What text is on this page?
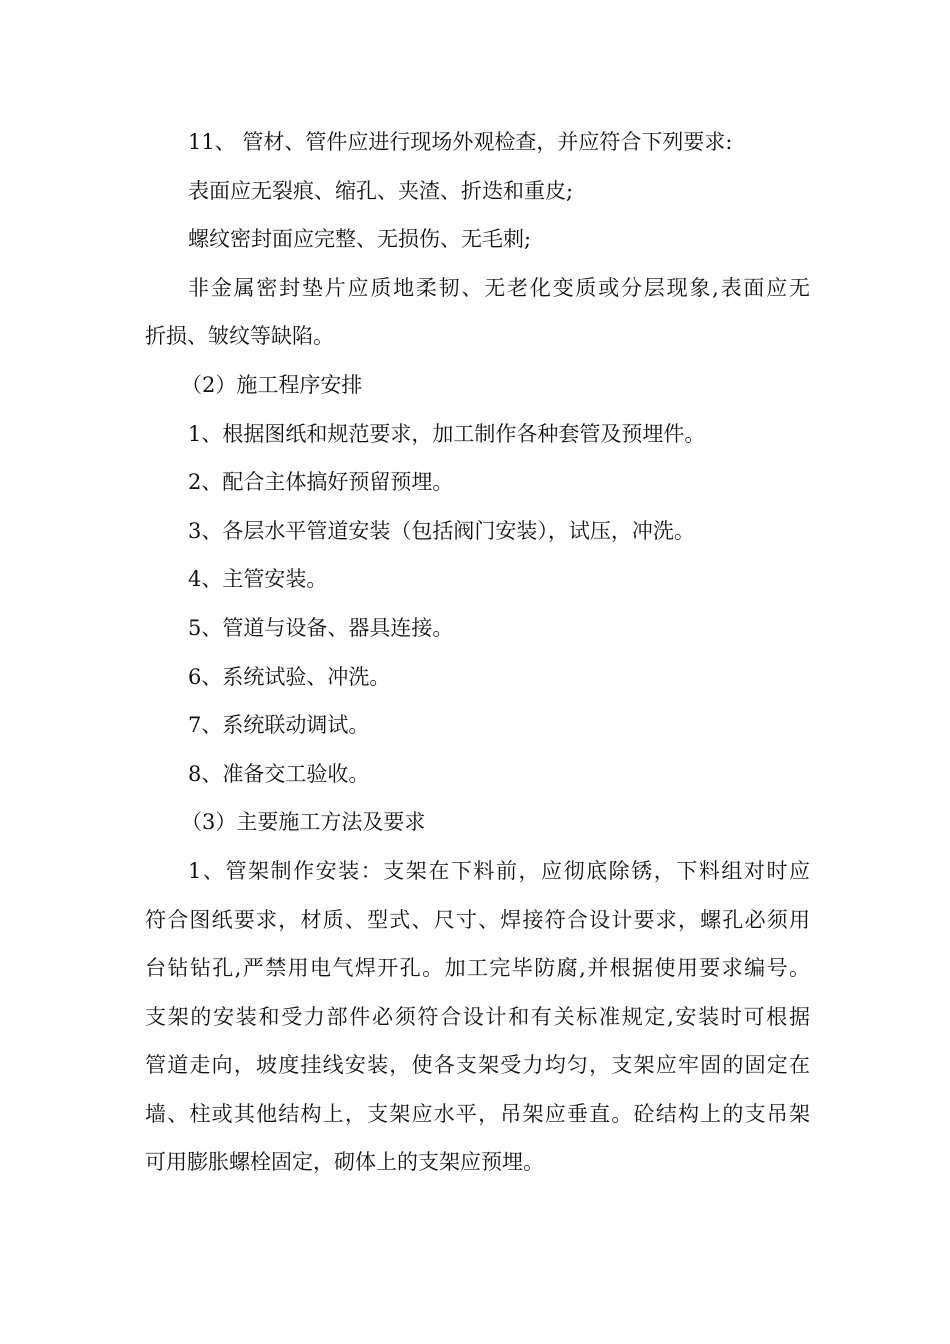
11、 管材、管件应进行现场外观检查，并应符合下列要求:

表面应无裂痕、缩孔、夹渣、折迭和重皮;

螺纹密封面应完整、无损伤、无毛刺;

非金属密封垫片应质地柔韧、无老化变质或分层现象,表面应无

折损、皱纹等缺陷。

（2）施工程序安排

1、根据图纸和规范要求，加工制作各种套管及预埋件。

2、配合主体搞好预留预埋。

3、各层水平管道安装（包括阀门安装），试压，冲洗。

4、主管安装。

5、管道与设备、器具连接。

6、系统试验、冲洗。

7、系统联动调试。

8、准备交工验收。

（3）主要施工方法及要求

1、管架制作安装：支架在下料前，应彻底除锈，下料组对时应

符合图纸要求，材质、型式、尺寸、焊接符合设计要求，螺孔必须用

台钻钻孔,严禁用电气焊开孔。加工完毕防腐,并根据使用要求编号。

支架的安装和受力部件必须符合设计和有关标准规定,安装时可根据

管道走向，坡度挂线安装，使各支架受力均匀，支架应牢固的固定在

墙、柱或其他结构上，支架应水平，吊架应垂直。砼结构上的支吊架

可用膨胀螺栓固定，砌体上的支架应预埋。
